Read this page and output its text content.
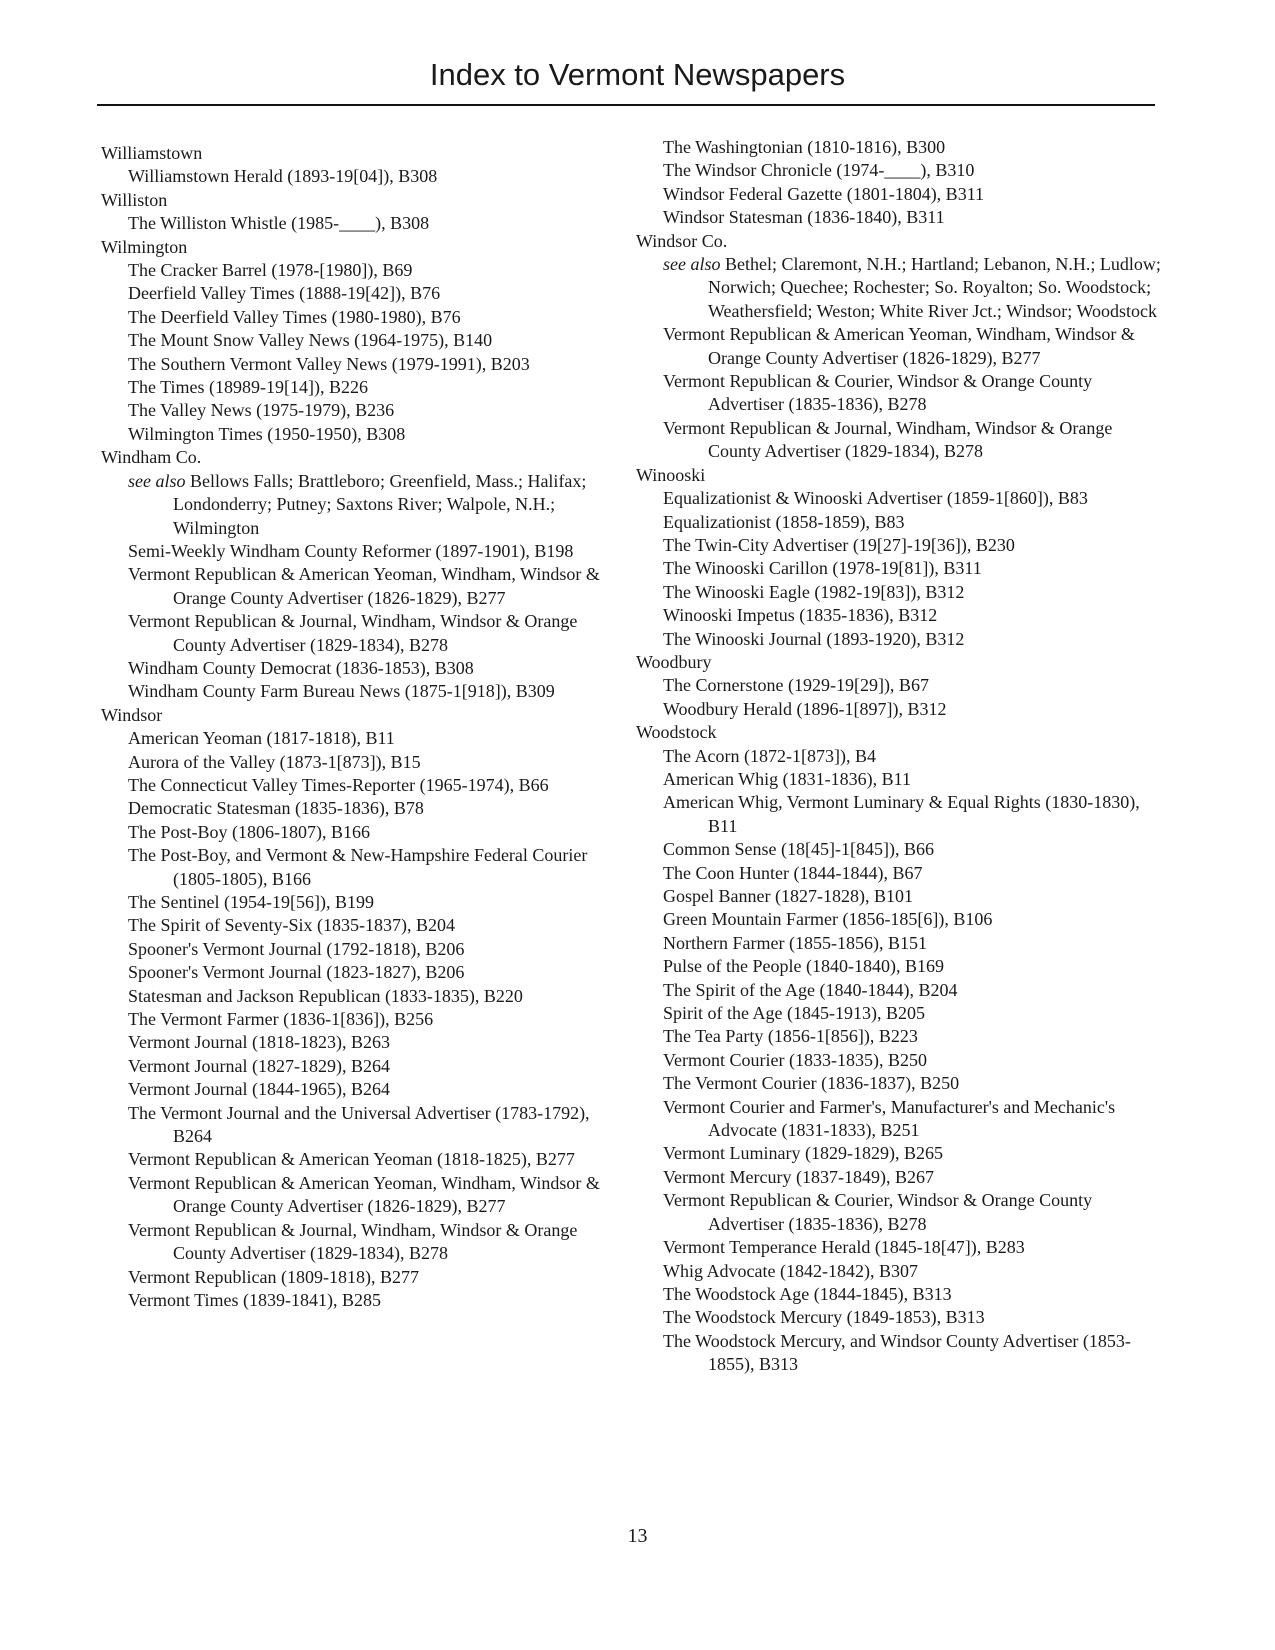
Index to Vermont Newspapers
Williamstown
Williamstown Herald (1893-19[04]), B308
Williston
The Williston Whistle (1985-____), B308
Wilmington
The Cracker Barrel (1978-[1980]), B69
Deerfield Valley Times (1888-19[42]), B76
The Deerfield Valley Times (1980-1980), B76
The Mount Snow Valley News (1964-1975), B140
The Southern Vermont Valley News (1979-1991), B203
The Times (18989-19[14]), B226
The Valley News (1975-1979), B236
Wilmington Times (1950-1950), B308
Windham Co.
see also Bellows Falls; Brattleboro; Greenfield, Mass.; Halifax; Londonderry; Putney; Saxtons River; Walpole, N.H.; Wilmington
Semi-Weekly Windham County Reformer (1897-1901), B198
Vermont Republican & American Yeoman, Windham, Windsor & Orange County Advertiser (1826-1829), B277
Vermont Republican & Journal, Windham, Windsor & Orange County Advertiser (1829-1834), B278
Windham County Democrat (1836-1853), B308
Windham County Farm Bureau News (1875-1[918]), B309
Windsor
American Yeoman (1817-1818), B11
Aurora of the Valley (1873-1[873]), B15
The Connecticut Valley Times-Reporter (1965-1974), B66
Democratic Statesman (1835-1836), B78
The Post-Boy (1806-1807), B166
The Post-Boy, and Vermont & New-Hampshire Federal Courier (1805-1805), B166
The Sentinel (1954-19[56]), B199
The Spirit of Seventy-Six (1835-1837), B204
Spooner's Vermont Journal (1792-1818), B206
Spooner's Vermont Journal (1823-1827), B206
Statesman and Jackson Republican (1833-1835), B220
The Vermont Farmer (1836-1[836]), B256
Vermont Journal (1818-1823), B263
Vermont Journal (1827-1829), B264
Vermont Journal (1844-1965), B264
The Vermont Journal and the Universal Advertiser (1783-1792), B264
Vermont Republican & American Yeoman (1818-1825), B277
Vermont Republican & American Yeoman, Windham, Windsor & Orange County Advertiser (1826-1829), B277
Vermont Republican & Journal, Windham, Windsor & Orange County Advertiser (1829-1834), B278
Vermont Republican (1809-1818), B277
Vermont Times (1839-1841), B285
The Washingtonian (1810-1816), B300
The Windsor Chronicle (1974-____), B310
Windsor Federal Gazette (1801-1804), B311
Windsor Statesman (1836-1840), B311
Windsor Co.
see also Bethel; Claremont, N.H.; Hartland; Lebanon, N.H.; Ludlow; Norwich; Quechee; Rochester; So. Royalton; So. Woodstock; Weathersfield; Weston; White River Jct.; Windsor; Woodstock
Vermont Republican & American Yeoman, Windham, Windsor & Orange County Advertiser (1826-1829), B277
Vermont Republican & Courier, Windsor & Orange County Advertiser (1835-1836), B278
Vermont Republican & Journal, Windham, Windsor & Orange County Advertiser (1829-1834), B278
Winooski
Equalizationist & Winooski Advertiser (1859-1[860]), B83
Equalizationist (1858-1859), B83
The Twin-City Advertiser (19[27]-19[36]), B230
The Winooski Carillon (1978-19[81]), B311
The Winooski Eagle (1982-19[83]), B312
Winooski Impetus (1835-1836), B312
The Winooski Journal (1893-1920), B312
Woodbury
The Cornerstone (1929-19[29]), B67
Woodbury Herald (1896-1[897]), B312
Woodstock
The Acorn (1872-1[873]), B4
American Whig (1831-1836), B11
American Whig, Vermont Luminary & Equal Rights (1830-1830), B11
Common Sense (18[45]-1[845]), B66
The Coon Hunter (1844-1844), B67
Gospel Banner (1827-1828), B101
Green Mountain Farmer (1856-185[6]), B106
Northern Farmer (1855-1856), B151
Pulse of the People (1840-1840), B169
The Spirit of the Age (1840-1844), B204
Spirit of the Age (1845-1913), B205
The Tea Party (1856-1[856]), B223
Vermont Courier (1833-1835), B250
The Vermont Courier (1836-1837), B250
Vermont Courier and Farmer's, Manufacturer's and Mechanic's Advocate (1831-1833), B251
Vermont Luminary (1829-1829), B265
Vermont Mercury (1837-1849), B267
Vermont Republican & Courier, Windsor & Orange County Advertiser (1835-1836), B278
Vermont Temperance Herald (1845-18[47]), B283
Whig Advocate (1842-1842), B307
The Woodstock Age (1844-1845), B313
The Woodstock Mercury (1849-1853), B313
The Woodstock Mercury, and Windsor County Advertiser (1853-1855), B313
13
